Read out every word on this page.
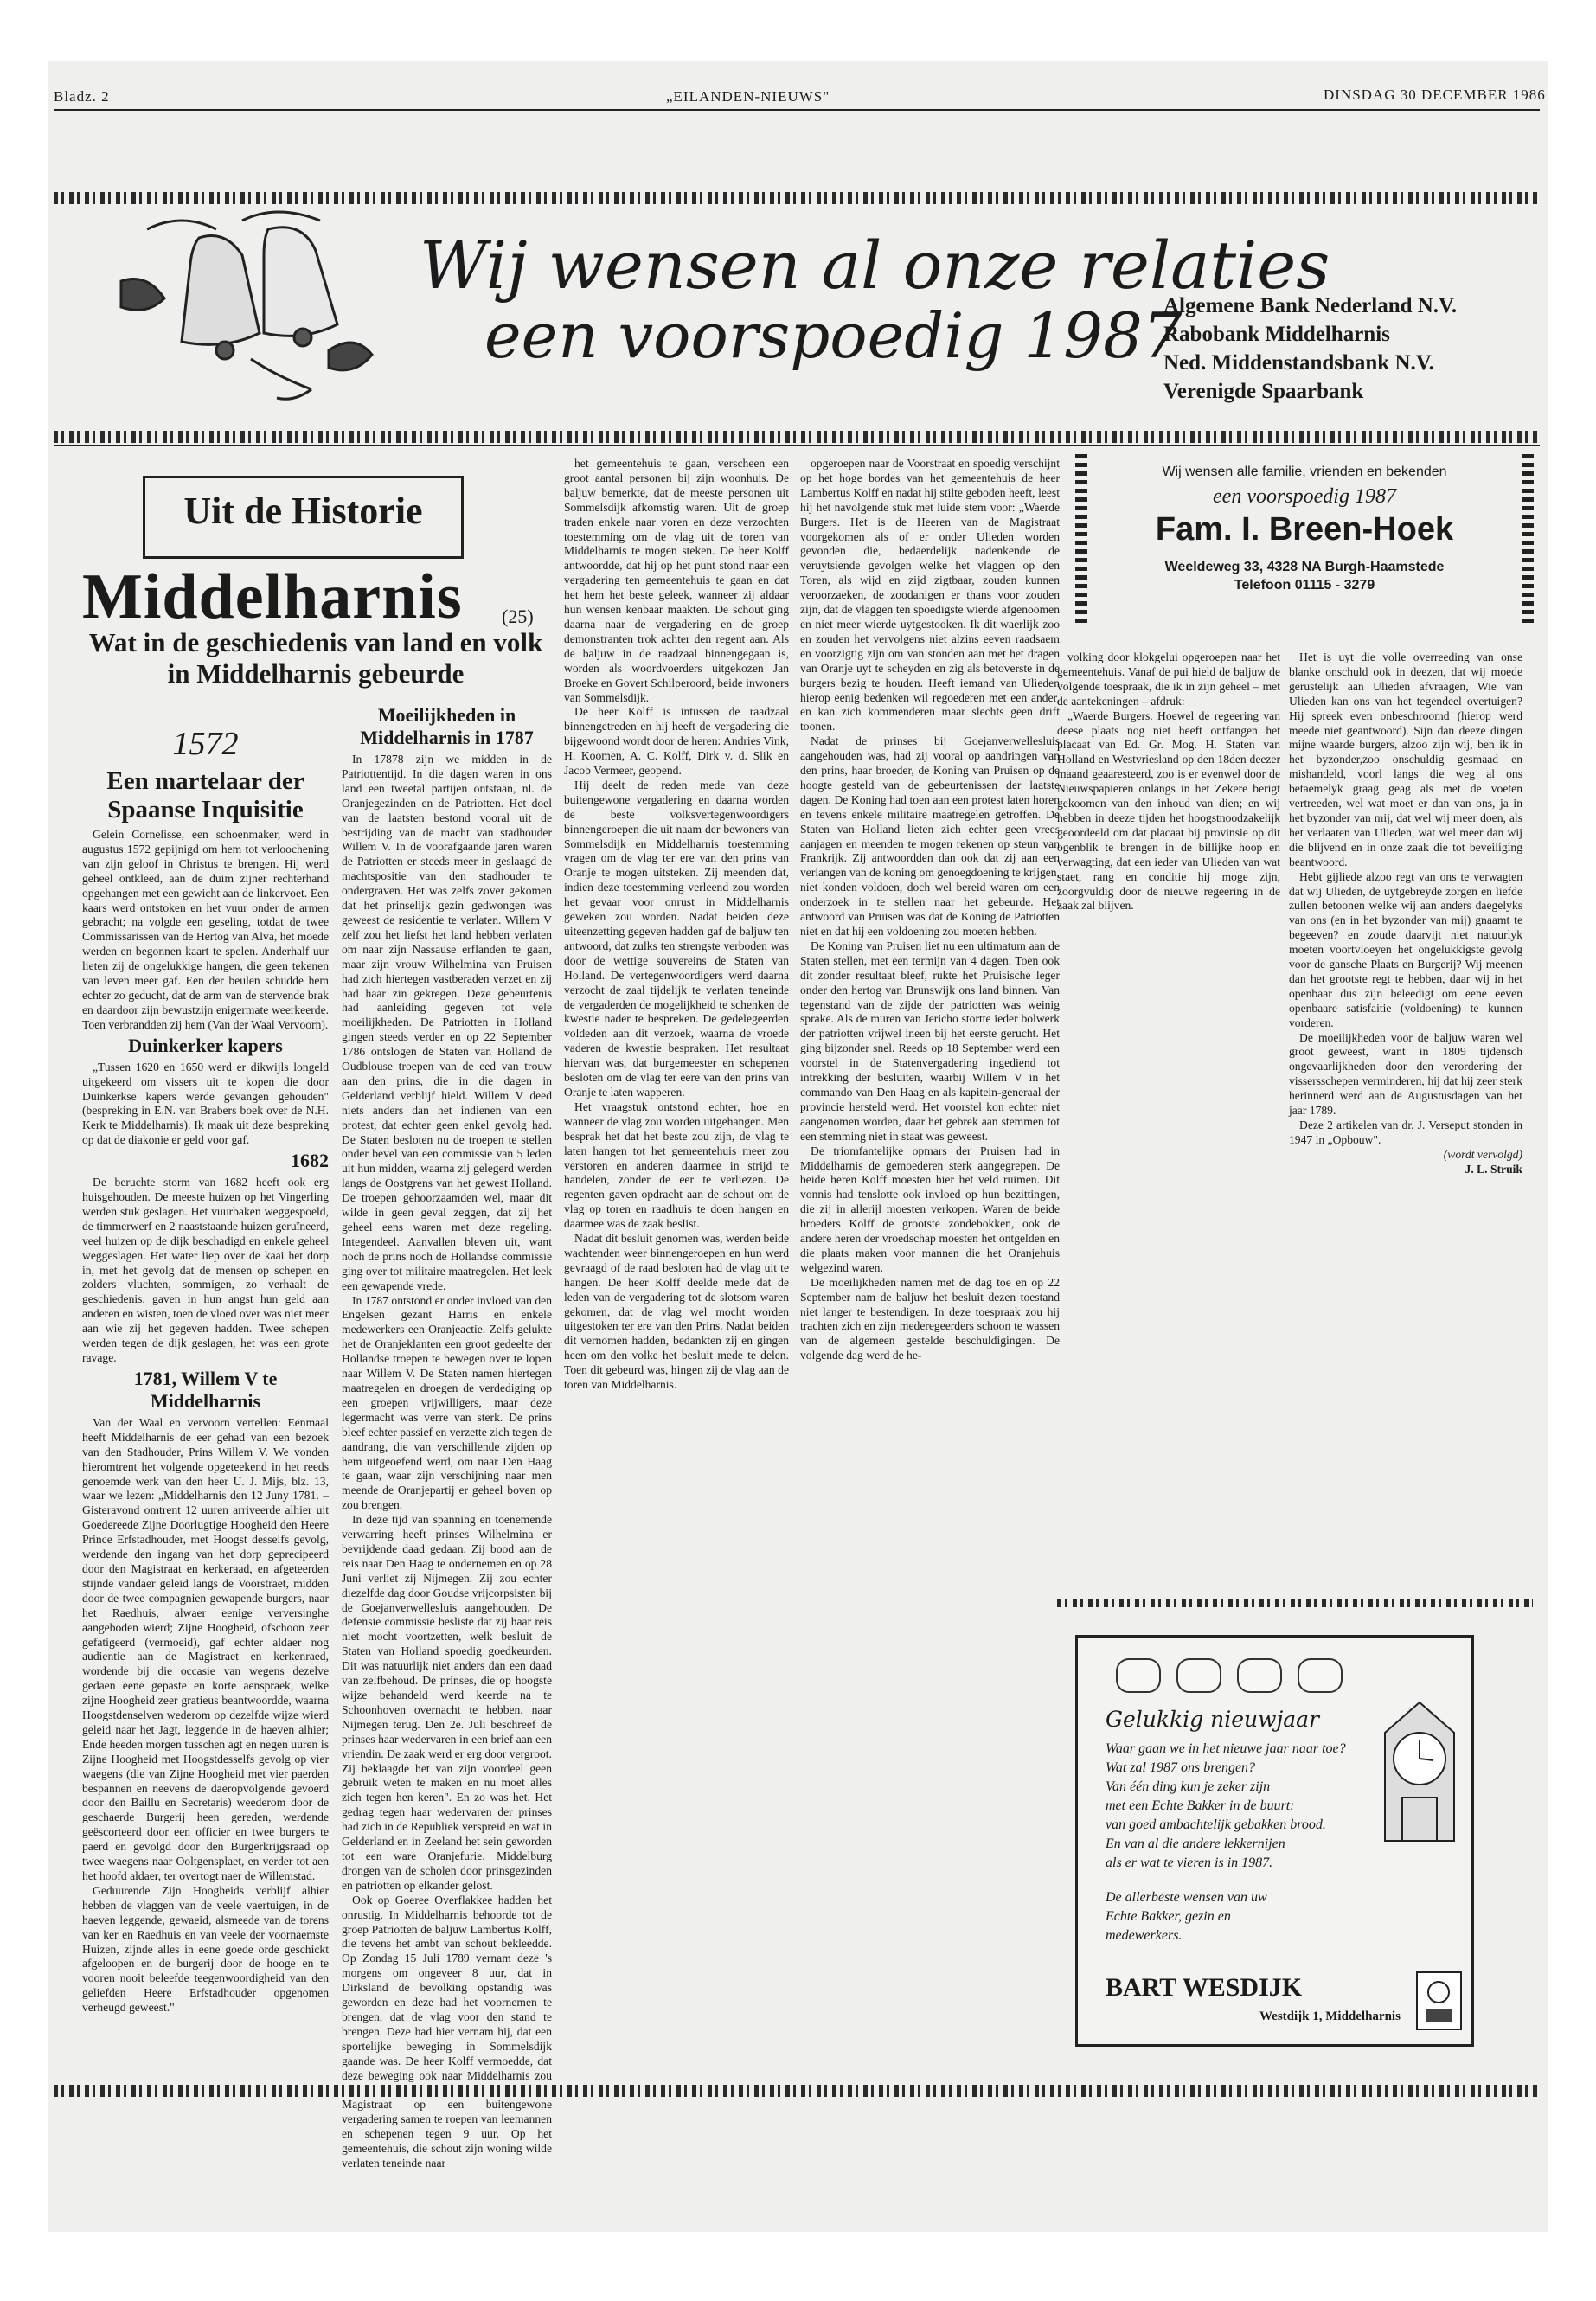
Bladz. 2	„EILANDEN-NIEUWS"	DINSDAG 30 DECEMBER 1986
Wij wensen al onze relaties
een voorspoedig 1987
Algemene Bank Nederland N.V.
Rabobank Middelharnis
Ned. Middenstandsbank N.V.
Verenigde Spaarbank
Uit de Historie
Middelharnis (25)
Wat in de geschiedenis van land en volk in Middelharnis gebeurde
1572
Een martelaar der Spaanse Inquisitie

Gelein Cornelisse, een schoenmaker, werd in augustus 1572 gepijnigd om hem tot verloochening van zijn geloof in Christus te brengen. Hij werd geheel ontkleed, aan de duim zijner rechterhand opgehangen met een gewicht aan de linkervoet. Een kaars werd ontstoken en het vuur onder de armen gebracht; na volgde een geseling, totdat de twee Commissarissen van de Hertog van Alva, het moede werden en begonnen kaart te spelen. Anderhalf uur lieten zij de ongelukkige hangen, die geen tekenen van leven meer gaf. Een der beulen schudde hem echter zo geducht, dat de arm van de stervende brak en daardoor zijn bewustzijn enigermate weerkeerde. Toen verbrandden zij hem (Van der Waal Vervoorn).

Duinkerker kapers

„Tussen 1620 en 1650 werd er dikwijls longeld uitgekeerd om vissers uit te kopen die door Duinkerkse kapers werde gevangen gehouden" (bespreking in E.N. van Brabers boek over de N.H. Kerk te Middelharnis). Ik maak uit deze bespreking op dat de diakonie er geld voor gaf.

1682

De beruchte storm van 1682 heeft ook erg huisgehouden. De meeste huizen op het Vingerling werden stuk geslagen. Het vuurbaken weggespoeld, de timmerwerf en 2 naaststaande huizen geruïneerd, veel huizen op de dijk beschadigd en enkele geheel weggeslagen. Het water liep over de kaai het dorp in, met het gevolg dat de mensen op schepen en zolders vluchten, sommigen, zo verhaalt de geschiedenis, gaven in hun angst hun geld aan anderen en wisten, toen de vloed over was niet meer aan wie zij het gegeven hadden. Twee schepen werden tegen de dijk geslagen, het was een grote ravage.

1781, Willem V te Middelharnis

Van der Waal en vervoorn vertellen: Eenmaal heeft Middelharnis de eer gehad van een bezoek van den Stadhouder, Prins Willem V. We vonden hieromtrent het volgende opgeteekend in het reeds genoemde werk van den heer U. J. Mijs, blz. 13, waar we lezen: „Middelharnis den 12 Juny 1781. – Gisteravond omtrent 12 uuren arriveerde alhier uit Goedereede Zijne Doorlugtige Hoogheid den Heere Prince Erfstadhouder, met Hoogst desselfs gevolg, werdende den ingang van het dorp geprecipeerd door den Magistraat en kerkeraad, en afgeteerden stijnde vandaer geleid langs de Voorstraet, midden door de twee compagnien gewapende burgers, naar het Raedhuis, alwaer eenige verversinghe aangeboden wierd; Zijne Hoogheid, ofschoon zeer gefatigeerd (vermoeid), gaf echter aldaer nog audientie aan de Magistraet en kerkenraed, wordende bij die occasie van wegens dezelve gedaen eene gepaste en korte aenspraek, welke zijne Hoogheid zeer gratieus beantwoordde, waarna Hoogstdenselven wederom op dezelfde wijze wierd geleid naar het Jagt, leggende in de haeven alhier; Ende heeden morgen tusschen agt en negen uuren is Zijne Hoogheid met Hoogstdesselfs gevolg op vier waegens (die van Zijne Hoogheid met vier paerden bespannen en neevens de daeropvolgende gevoerd door den Baillu en Secretaris) weederom door de geschaerde Burgerij heen gereden, werdende geëscorteerd door een officier en twee burgers te paerd en gevolgd door den Burgerkrijgsraad op twee waegens naar Ooltgensplaet, en verder tot aen het hoofd aldaer, ter overtogt naer de Willemstad.

Geduurende Zijn Hoogheids verblijf alhier hebben de vlaggen van de veele vaertuigen, in de haeven leggende, gewaeid, alsmeede van de torens van ker en Raedhuis en van veele der voornaemste Huizen, zijnde alles in eene goede orde geschickt afgeloopen en de burgerij door de hooge en te vooren nooit beleefde teegenwoordigheid van den geliefden Heere Erfstadhouder opgenomen verheugd geweest."

Moeilijkheden in Middelharnis in 1787

In 17878 zijn we midden in de Patriottentijd. In die dagen waren in ons land een tweetal partijen ontstaan, nl. de Oranjegezinden en de Patriotten. Het doel van de laatsten bestond vooral uit de bestrijding van de macht van stadhouder Willem V. In de voorafgaande jaren waren de Patriotten er steeds meer in geslaagd de machtspositie van den stadhouder te ondergraven. Het was zelfs zover gekomen dat het prinselijk gezin gedwongen was geweest de residentie te verlaten. Willem V zelf zou het liefst het land hebben verlaten om naar zijn Nassause erflanden te gaan, maar zijn vrouw Wilhelmina van Pruisen had zich hiertegen vastberaden verzet en zij had haar zin gekregen. Deze gebeurtenis had aanleiding gegeven tot vele moeilijkheden. De Patriotten in Holland gingen steeds verder en op 22 September 1786 ontslogen de Staten van Holland de Oudblouse troepen van de eed van trouw aan den prins, die in die dagen in Gelderland verblijf hield. Willem V deed niets anders dan het indienen van een protest, dat echter geen enkel gevolg had. De Staten besloten nu de troepen te stellen onder bevel van een commissie van 5 leden uit hun midden, waarna zij gelegerd werden langs de Oostgrens van het gewest Holland. De troepen gehoorzaamden wel, maar dit wilde in geen geval zeggen, dat zij het geheel eens waren met deze regeling. Integendeel. Aanvallen bleven uit, want noch de prins noch de Hollandse commissie ging over tot militaire maatregelen. Het leek een gewapende vrede.

In 1787 ontstond er onder invloed van den Engelsen gezant Harris en enkele medewerkers een Oranjeactie. Zelfs gelukte het de Oranjeklanten een groot gedeelte der Hollandse troepen te bewegen over te lopen naar Willem V. De Staten namen hiertegen maatregelen en droegen de verdediging op een groepen vrijwilligers, maar deze legermacht was verre van sterk. De prins bleef echter passief en verzette zich tegen de aandrang, die van verschillende zijden op hem uitgeoefend werd, om naar Den Haag te gaan, waar zijn verschijning naar men meende de Oranjepartij er geheel boven op zou brengen.

In deze tijd van spanning en toenemende verwarring heeft prinses Wilhelmina er bevrijdende daad gedaan. Zij bood aan de reis naar Den Haag te ondernemen en op 28 Juni verliet zij Nijmegen. Zij zou echter diezelfde dag door Goudse vrijcorpsisten bij de Goejanverwellesluis aangehouden. De defensie commissie besliste dat zij haar reis niet mocht voortzetten, welk besluit de Staten van Holland spoedig goedkeurden. Dit was natuurlijk niet anders dan een daad van zelfbehoud. De prinses, die op hoogste wijze behandeld werd keerde na te Schoonhoven overnacht te hebben, naar Nijmegen terug. Den 2e. Juli beschreef de prinses haar wedervaren in een brief aan een vriendin. De zaak werd er erg door vergroot. Zij beklaagde het van zijn voordeel geen gebruik weten te maken en nu moet alles zich tegen hen keren". En zo was het. Het gedrag tegen haar wedervaren der prinses had zich in de Republiek verspreid en wat in Gelderland en in Zeeland het sein geworden tot een ware Oranjefurie. Middelburg drongen van de scholen door prinsgezinden en patriotten op elkander gelost.

Ook op Goeree Overflakkee hadden het onrustig. In Middelharnis behoorde tot de groep Patriotten de baljuw Lambertus Kolff, die tevens het ambt van schout bekleedde. Op Zondag 15 Juli 1789 vernam deze 's morgens om ongeveer 8 uur, dat in Dirksland de bevolking opstandig was geworden en deze had het voornemen te brengen, dat de vlag voor den stand te brengen. Deze had hier vernam hij, dat een sportelijke beweging in Sommelsdijk gaande was. De heer Kolff vermoedde, dat deze beweging ook naar Middelharnis zou Magistraat op een buitengewone vergadering samen te roepen van leemannen en schepenen tegen 9 uur. Op het gemeentehuis, die schout zijn woning wilde verlaten teneinde naar

het gemeentehuis te gaan, verscheen een groot aantal personen bij zijn woonhuis. De baljuw bemerkte, dat de meeste personen uit Sommelsdijk afkomstig waren. Uit de groep traden enkele naar voren en deze verzochten toestemming om de vlag uit de toren van Middelharnis te mogen steken. De heer Kolff antwoordde, dat hij op het punt stond naar een vergadering ten gemeentehuis te gaan en dat het hem het beste geleek, wanneer zij aldaar hun wensen kenbaar maakten. De schout ging daarna naar de vergadering en de groep demonstranten trok achter den regent aan. Als de baljuw in de raadzaal binnengegaan is, worden als woordvoerders uitgekozen Jan Broeke en Govert Schilperoord, beide inwoners van Sommelsdijk.

De heer Kolff is intussen de raadzaal binnengetreden en hij heeft de vergadering die bijgewoond wordt door de heren: Andries Vink, H. Koomen, A. C. Kolff, Dirk v. d. Slik en Jacob Vermeer, geopend.

Hij deelt de reden mede van deze buitengewone vergadering en daarna worden de beste volksvertegenwoordigers binnengeroepen die uit naam der bewoners van Sommelsdijk en Middelharnis toestemming vragen om de vlag ter ere van den prins van Oranje te mogen uitsteken. Zij meenden dat, indien deze toestemming verleend zou worden het gevaar voor onrust in Middelharnis geweken zou worden. Nadat beiden deze uiteenzetting gegeven hadden gaf de baljuw ten antwoord, dat zulks ten strengste verboden was door de wettige souvereins de Staten van Holland. De vertegenwoordigers werd daarna verzocht de zaal tijdelijk te verlaten teneinde de vergaderden de mogelijkheid te schenken de kwestie nader te bespreken. De gedelegeerden voldeden aan dit verzoek, waarna de vroede vaderen de kwestie bespraken. Het resultaat hiervan was, dat burgemeester en schepenen besloten om de vlag ter eere van den prins van Oranje te laten wapperen.

Het vraagstuk ontstond echter, hoe en wanneer de vlag zou worden uitgehangen. Men besprak het dat het beste zou zijn, de vlag te laten hangen tot het gemeentehuis meer zou verstoren en anderen daarmee in strijd te handelen, zonder de eer te verliezen. De regenten gaven opdracht aan de schout om de vlag op toren en raadhuis te doen hangen en daarmee was de zaak beslist.

Nadat dit besluit genomen was, werden beide wachtenden weer binnengeroepen en hun werd gevraagd of de raad besloten had de vlag uit te hangen. De heer Kolff deelde mede dat de leden van de vergadering tot de slotsom waren gekomen, dat de vlag wel mocht worden uitgestoken ter ere van den Prins. Nadat beiden dit vernomen hadden, bedankten zij en gingen heen om den volke het besluit mede te delen. Toen dit gebeurd was, hingen zij de vlag aan de toren van Middelharnis.

opgeroepen naar de Voorstraat en spoedig verschijnt op het hoge bordes van het gemeentehuis de heer Lambertus Kolff en nadat hij stilte geboden heeft, leest hij het navolgende stuk met luide stem voor: „Waerde Burgers. Het is de Heeren van de Magistraat voorgekomen als of er onder Ulieden worden gevonden die, bedaerdelijk nadenkende de veruytsiende gevolgen welke het vlaggen op den Toren, als wijd en zijd zigtbaar, zouden kunnen veroorzaeken, de zoodanigen er thans voor zouden zijn, dat de vlaggen ten spoedigste wierde afgenoomen en niet meer wierde uytgestooken. Ik dit waerlijk zoo en zouden het vervolgens niet alzins eeven raadsaem en voorzigtig zijn om van stonden aan met het dragen van Oranje uyt te scheyden en zig als betoverste in de burgers bezig te houden. Heeft iemand van Ulieden hierop eenig bedenken wil regoederen met een ander, en kan zich kommenderen maar slechts geen drift toonen.

Nadat de prinses bij Goejanverwellesluis aangehouden was, had zij vooral op aandringen van den prins, haar broeder, de Koning van Pruisen op de hoogte gesteld van de gebeurtenissen der laatste dagen. De Koning had toen aan een protest laten horen en tevens enkele militaire maatregelen getroffen. De Staten van Holland lieten zich echter geen vrees aanjagen en meenden te mogen rekenen op steun van Frankrijk. Zij antwoordden dan ook dat zij aan een verlangen van de koning om genoegdoening te krijgen, niet konden voldoen, doch wel bereid waren om een onderzoek in te stellen naar het gebeurde. Het antwoord van Pruisen was dat de Koning de Patriotten niet en dat hij een voldoening zou moeten hebben.

De Koning van Pruisen liet nu een ultimatum aan de Staten stellen, met een termijn van 4 dagen. Toen ook dit zonder resultaat bleef, rukte het Pruisische leger onder den hertog van Brunswijk ons land binnen. Van tegenstand van de zijde der patriotten was weinig sprake. Als de muren van Jericho stortte ieder bolwerk der patriotten vrijwel ineen bij het eerste gerucht. Het ging bijzonder snel. Reeds op 18 September werd een voorstel in de Statenvergadering ingediend tot intrekking der besluiten, waarbij Willem V in het commando van Den Haag en als kapitein-generaal der provincie hersteld werd. Het voorstel kon echter niet aangenomen worden, daar het gebrek aan stemmen tot een stemming niet in staat was geweest.

De triomfantelijke opmars der Pruisen had in Middelharnis de gemoederen sterk aangegrepen. De beide heren Kolff moesten hier het veld ruimen. Dit vonnis had tenslotte ook invloed op hun bezittingen, die zij in allerijl moesten verkopen. Waren de beide broeders Kolff de grootste zondebokken, ook de andere heren der vroedschap moesten het ontgelden en die plaats maken voor mannen die het Oranjehuis welgezind waren.

De moeilijkheden namen met de dag toe en op 22 September nam de baljuw het besluit dezen toestand niet langer te bestendigen. In deze toespraak zou hij trachten zich en zijn mederegeerders schoon te wassen van de algemeen gestelde beschuldigingen. De volgende dag werd de he-

Wij wensen alle familie, vrienden en bekenden
een voorspoedig 1987
Fam. I. Breen-Hoek
Weeldeweg 33, 4328 NA Burgh-Haamstede
Telefoon 01115 - 3279

volking door klokgelui opgeroepen naar het gemeentehuis. Vanaf de pui hield de baljuw de volgende toespraak, die ik in zijn geheel – met de aantekeningen – afdruk:

„Waerde Burgers. Hoewel de regeering van deese plaats nog niet heeft ontfangen het placaat van Ed. Gr. Mog. H. Staten van Holland en Westvriesland op den 18den deezer maand geaaresteerd, zoo is er evenwel door de Nieuwspapieren onlangs in het Zekere berigt gekoomen van den inhoud van dien; en wij hebben in deeze tijden het hoogstnoodzakelijk geoordeeld om dat placaat bij provinsie op dit ogenblik te brengen in de billijke hoop en verwagting, dat een ieder van Ulieden van wat staet, rang en conditie hij moge zijn, zoorgvuldig door de nieuwe regeering in de zaak zal blijven.

Het is uyt die volle overreeding van onse blanke onschuld ook in deezen, dat wij moede gerustelijk aan Ulieden afvraagen, Wie van Ulieden kan ons van het tegendeel overtuigen? Hij spreek even onbeschroomd (hierop werd meede niet geantwoord). Sijn dan deeze dingen mijne waarde burgers, alzoo zijn wij, ben ik in het byzonder,zoo onschuldig gesmaad en mishandeld, voorl langs die weg al ons betaemelyk graag geag als met de voeten vertreeden, wel wat moet er dan van ons, ja in het byzonder van mij, dat wel wij meer doen, als het verlaaten van Ulieden, wat wel meer dan wij die blijvend en in onze zaak die tot beveiliging beantwoord.

Hebt gijliede alzoo regt van ons te verwagten dat wij Ulieden, de uytgebreyde zorgen en liefde zullen betoonen welke wij aan anders daegelyks van ons (en in het byzonder van mij) gnaamt te begeeven? en zoude daarvijt niet natuurlyk moeten voortvloeyen het ongelukkigste gevolg voor de gansche Plaats en Burgerij? Wij meenen dan het grootste regt te hebben, daar wij in het openbaar dus zijn beleedigt om eene eeven openbaare satisfaitie (voldoening) te kunnen vorderen.

De moeilijkheden voor de baljuw waren wel groot geweest, want in 1809 tijdensch ongevaarlijkheden door den verordering der vissersschepen verminderen, hij dat hij zeer sterk herinnerd werd aan de Augustusdagen van het jaar 1789.

Deze 2 artikelen van dr. J. Verseput stonden in 1947 in „Opbouw".

(wordt vervolgd)
J. L. Struik
Gelukkig nieuwjaar
Waar gaan we in het nieuwe jaar naar toe?
Wat zal 1987 ons brengen?
Van één ding kun je zeker zijn
met een Echte Bakker in de buurt:
van goed ambachtelijk gebakken brood.
En van al die andere lekkernijen
als er wat te vieren is in 1987.
De allerbeste wensen van uw
Echte Bakker, gezin en
medewerkers.
BART WESDIJK
Westdijk 1, Middelharnis
